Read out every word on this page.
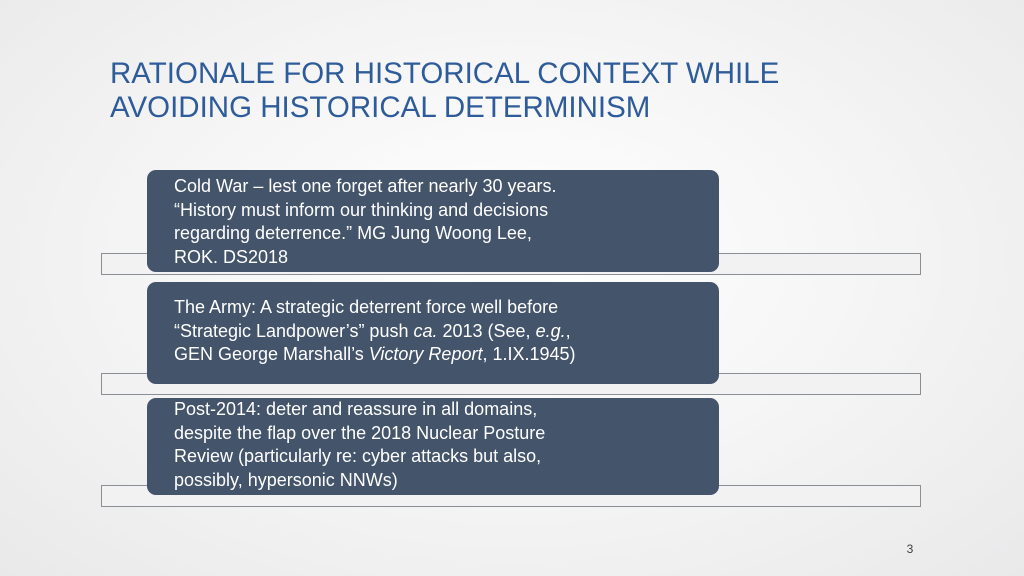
RATIONALE FOR HISTORICAL CONTEXT WHILE
AVOIDING HISTORICAL DETERMINISM
Cold War – lest one forget after nearly 30 years.
“History must inform our thinking and decisions
regarding deterrence.” MG Jung Woong Lee,
ROK. DS2018
The Army: A strategic deterrent force well before
“Strategic Landpower’s” push ca. 2013 (See, e.g.,
GEN George Marshall’s Victory Report, 1.IX.1945)
Post-2014: deter and reassure in all domains,
despite the flap over the 2018 Nuclear Posture
Review (particularly re: cyber attacks but also,
possibly, hypersonic NNWs)
3
